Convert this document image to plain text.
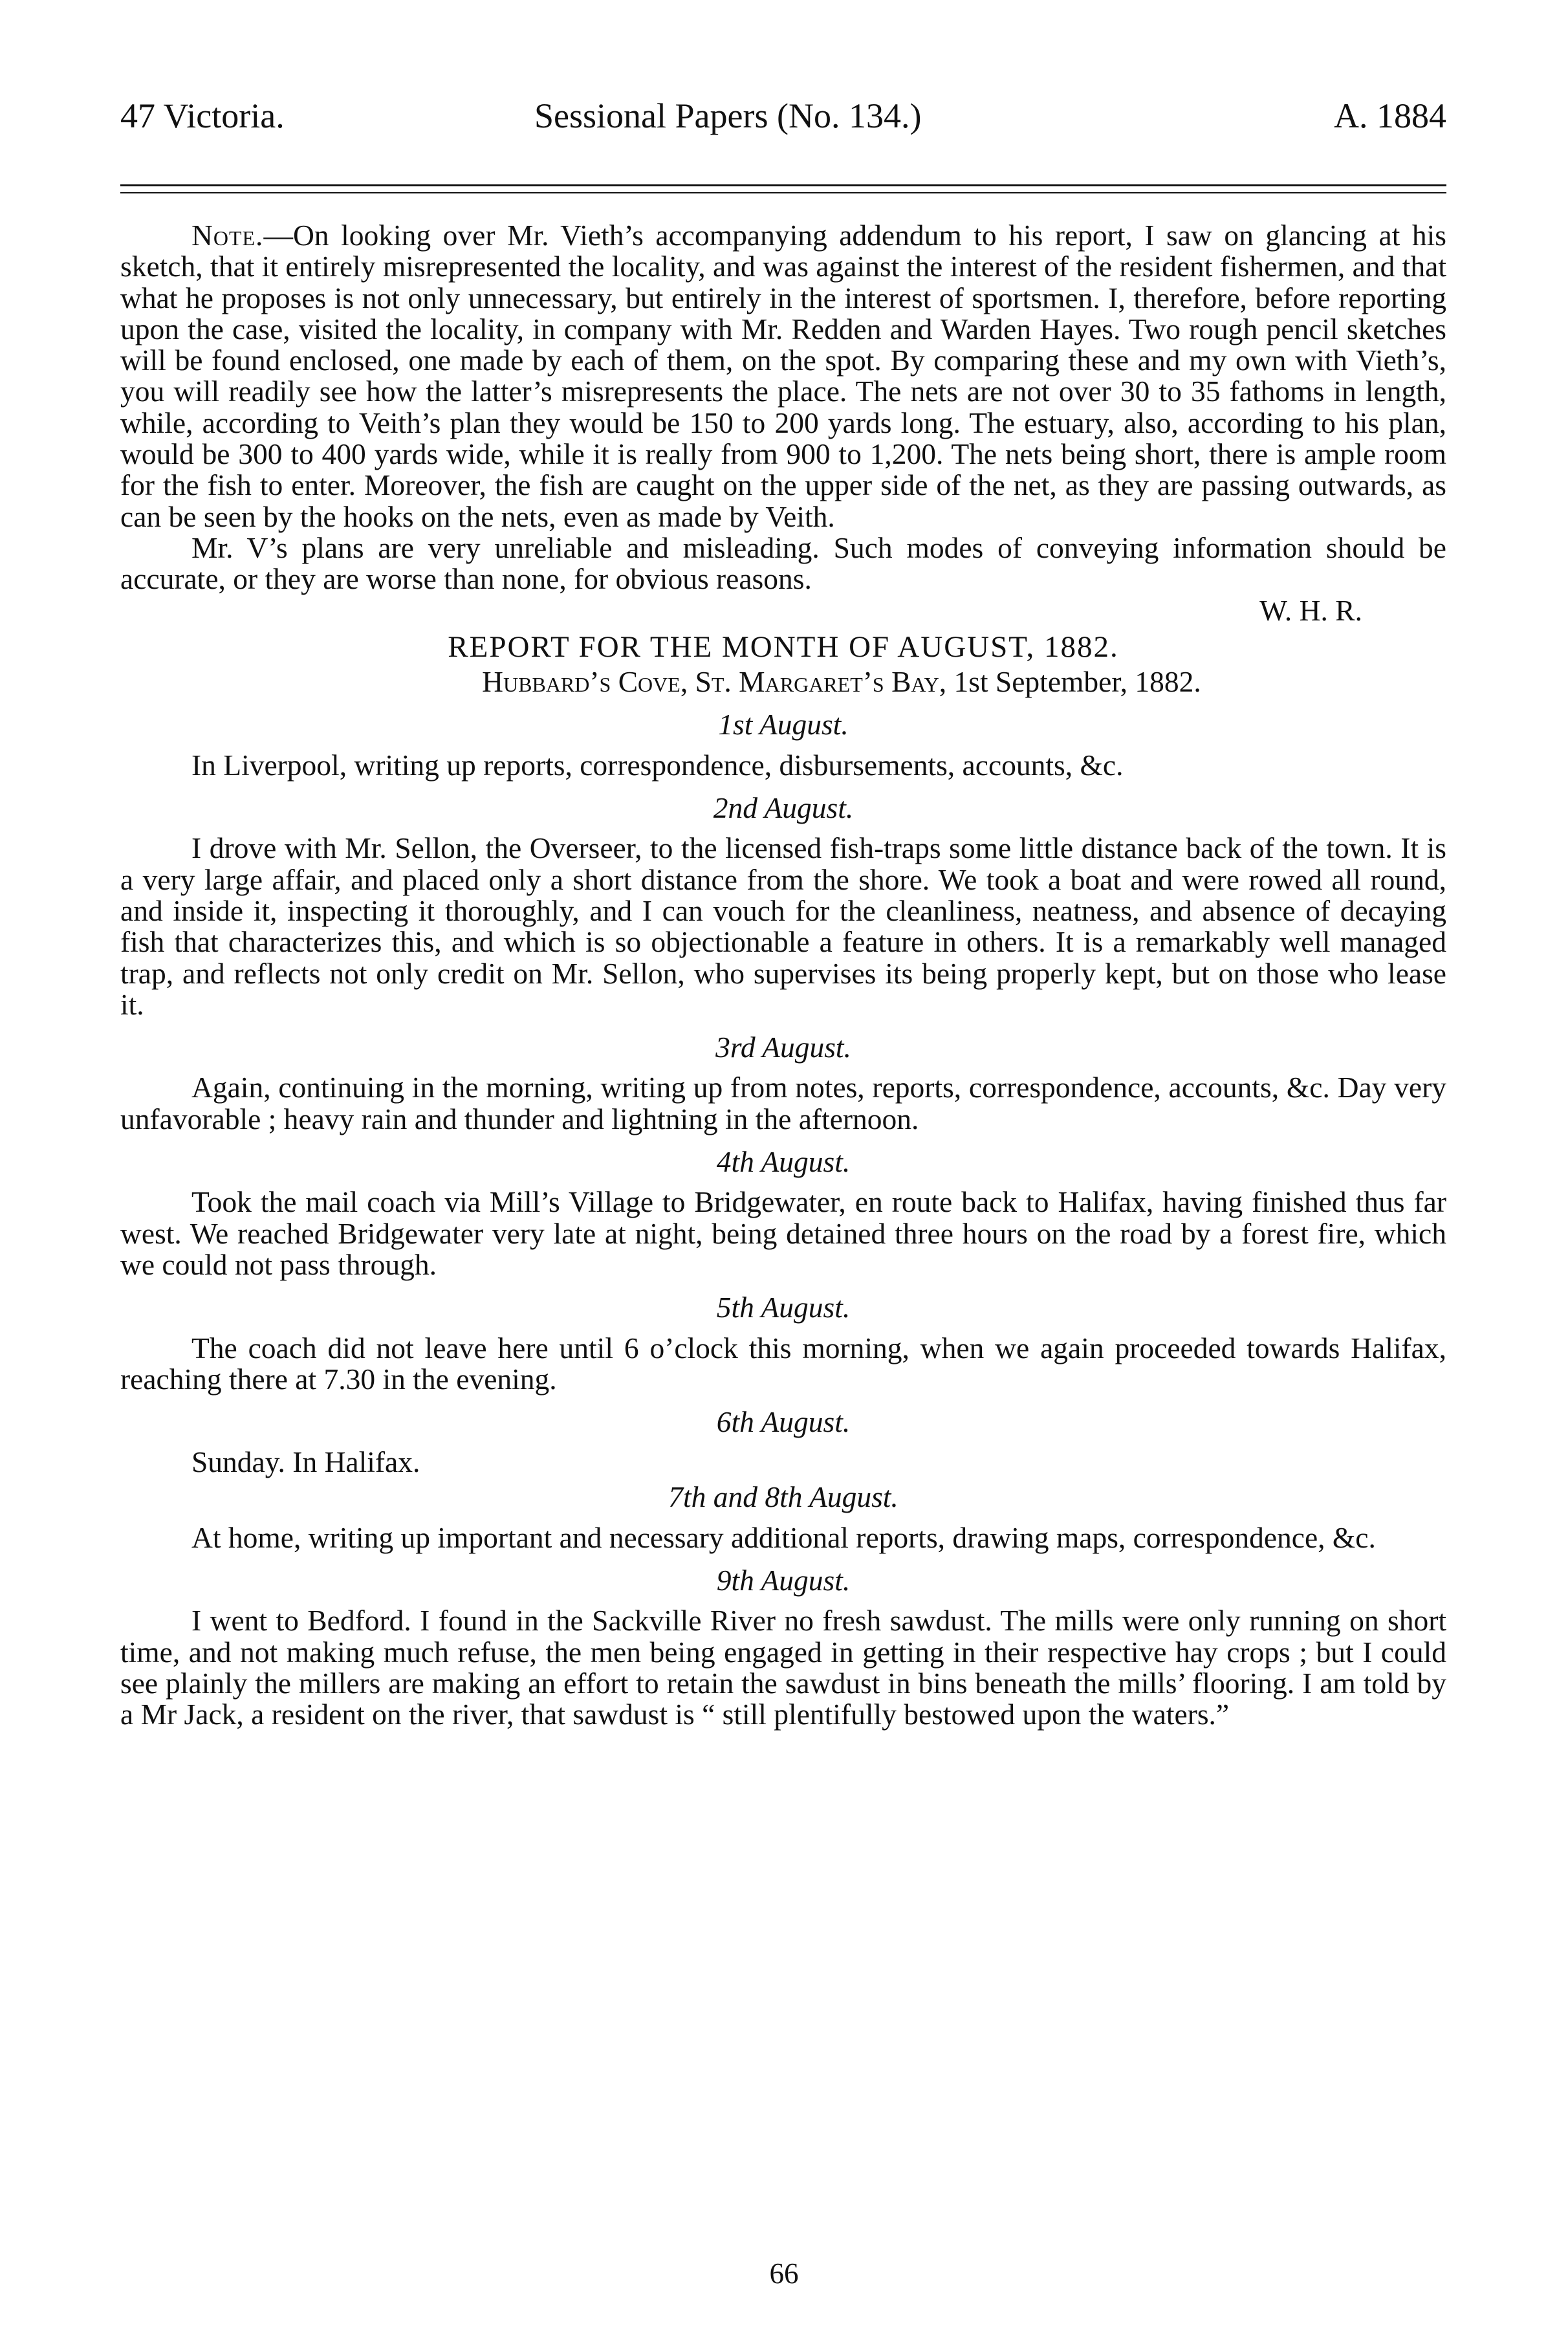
47 Victoria.	Sessional Papers (No. 134.)	A. 1884

Note.—On looking over Mr. Vieth’s accompanying addendum to his report, I saw on glancing at his sketch, that it entirely misrepresented the locality, and was against the interest of the resident fishermen, and that what he proposes is not only unnecessary, but entirely in the interest of sportsmen. I, therefore, before reporting upon the case, visited the locality, in company with Mr. Redden and Warden Hayes. Two rough pencil sketches will be found enclosed, one made by each of them, on the spot. By comparing these and my own with Vieth’s, you will readily see how the latter’s misrepresents the place. The nets are not over 30 to 35 fathoms in length, while, according to Veith’s plan they would be 150 to 200 yards long. The estuary, also, according to his plan, would be 300 to 400 yards wide, while it is really from 900 to 1,200. The nets being short, there is ample room for the fish to enter. Moreover, the fish are caught on the upper side of the net, as they are passing outwards, as can be seen by the hooks on the nets, even as made by Veith.

Mr. V’s plans are very unreliable and misleading. Such modes of conveying information should be accurate, or they are worse than none, for obvious reasons.

W. H. R.
REPORT FOR THE MONTH OF AUGUST, 1882.
Hubbard’s Cove, St. Margaret’s Bay, 1st September, 1882.
1st August.

In Liverpool, writing up reports, correspondence, disbursements, accounts, &c.

2nd August.

I drove with Mr. Sellon, the Overseer, to the licensed fish-traps some little distance back of the town. It is a very large affair, and placed only a short distance from the shore. We took a boat and were rowed all round, and inside it, inspecting it thoroughly, and I can vouch for the cleanliness, neatness, and absence of decaying fish that characterizes this, and which is so objectionable a feature in others. It is a remarkably well managed trap, and reflects not only credit on Mr. Sellon, who supervises its being properly kept, but on those who lease it.

3rd August.

Again, continuing in the morning, writing up from notes, reports, correspondence, accounts, &c. Day very unfavorable ; heavy rain and thunder and lightning in the afternoon.

4th August.

Took the mail coach via Mill’s Village to Bridgewater, en route back to Halifax, having finished thus far west. We reached Bridgewater very late at night, being detained three hours on the road by a forest fire, which we could not pass through.

5th August.

The coach did not leave here until 6 o’clock this morning, when we again proceeded towards Halifax, reaching there at 7.30 in the evening.

6th August.
Sunday. In Halifax.
7th and 8th August.

At home, writing up important and necessary additional reports, drawing maps, correspondence, &c.

9th August.

I went to Bedford. I found in the Sackville River no fresh sawdust. The mills were only running on short time, and not making much refuse, the men being engaged in getting in their respective hay crops ; but I could see plainly the millers are making an effort to retain the sawdust in bins beneath the mills’ flooring. I am told by a Mr Jack, a resident on the river, that sawdust is “ still plentifully bestowed upon the waters.”

66
